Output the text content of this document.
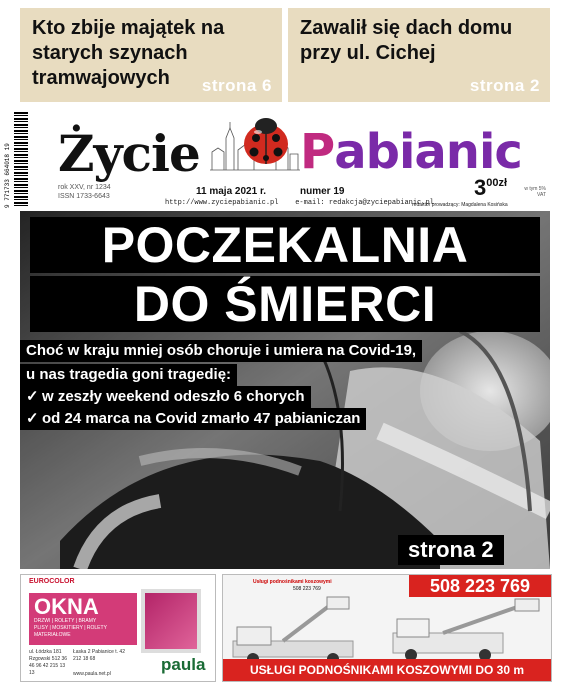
Kto zbije majątek na starych szynach tramwajowych	strona 6
Zawalił się dach domu przy ul. Cichej
strona 2
9 771733 664018 19 Życie Pabianic
rok XXV, nr 1234
ISSN 1733-6643	11 maja 2021 r.	numer 19
http://www.zyciepabianic.pl e-mail: redakcja@zyciepabianic.pl
$3^{00zł}$	w tym 5% VAT
redaktor prowadzący: Magdalena Kosińska
POCZEKALNIA
DO ŚMIERCI
Choć w kraju mniej osób choruje i umiera na Covid-19,
u nas tragedia goni tragedię:
✓ w zeszły weekend odeszło 6 chorych
✓ od 24 marca na Covid zmarło 47 pabianiczan
strona 2
EUROCOLOR
OKNA
DRZWI | ROLETY | BRAMY
PLISY | MOSKITIERY | ROLETY MATERIAŁOWE
ul. Łódzka 181 Rzgowski 512 36 46 96 42 215 13 13
Łaska 2 Pabianice t. 42 212 18 68
www.paula.net.pl	paula
Usługi podnośnikami koszowymi
508 223 769	508 223 769
USŁUGI PODNOŚNIKAMI KOSZOWYMI DO 30 m
